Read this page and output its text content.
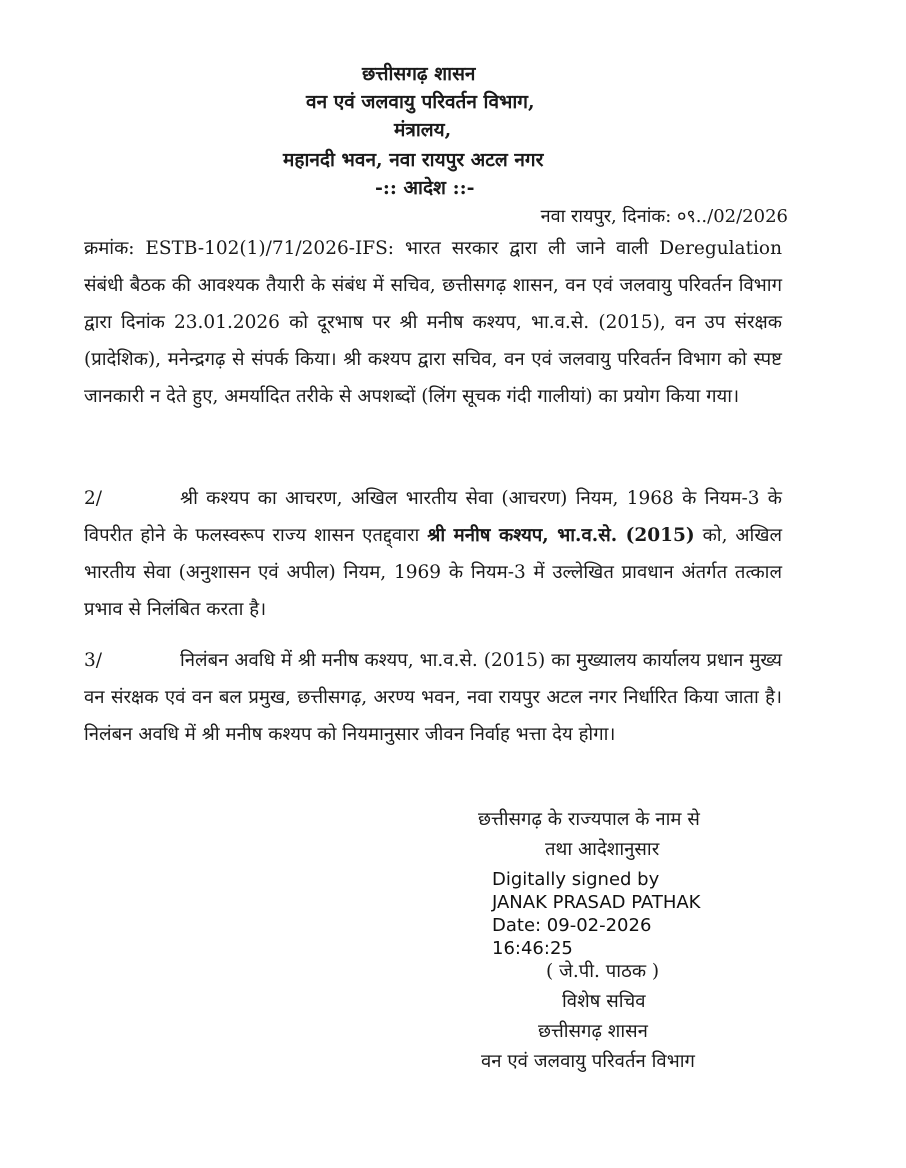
छत्तीसगढ़ शासन
वन एवं जलवायु परिवर्तन विभाग,
मंत्रालय,
महानदी भवन, नवा रायपुर अटल नगर
-:: आदेश ::-
नवा रायपुर, दिनांक: ०९../02/2026
क्रमांक: ESTB-102(1)/71/2026-IFS: भारत सरकार द्वारा ली जाने वाली Deregulation संबंधी बैठक की आवश्यक तैयारी के संबंध में सचिव, छत्तीसगढ़ शासन, वन एवं जलवायु परिवर्तन विभाग द्वारा दिनांक 23.01.2026 को दूरभाष पर श्री मनीष कश्यप, भा.व.से. (2015), वन उप संरक्षक (प्रादेशिक), मनेन्द्रगढ़ से संपर्क किया। श्री कश्यप द्वारा सचिव, वन एवं जलवायु परिवर्तन विभाग को स्पष्ट जानकारी न देते हुए, अमर्यादित तरीके से अपशब्दों (लिंग सूचक गंदी गालीयां) का प्रयोग किया गया।
2/	श्री कश्यप का आचरण, अखिल भारतीय सेवा (आचरण) नियम, 1968 के नियम-3 के विपरीत होने के फलस्वरूप राज्य शासन एतद्द्वारा श्री मनीष कश्यप, भा.व.से. (2015) को, अखिल भारतीय सेवा (अनुशासन एवं अपील) नियम, 1969 के नियम-3 में उल्लेखित प्रावधान अंतर्गत तत्काल प्रभाव से निलंबित करता है।
3/	निलंबन अवधि में श्री मनीष कश्यप, भा.व.से. (2015) का मुख्यालय कार्यालय प्रधान मुख्य वन संरक्षक एवं वन बल प्रमुख, छत्तीसगढ़, अरण्य भवन, नवा रायपुर अटल नगर निर्धारित किया जाता है। निलंबन अवधि में श्री मनीष कश्यप को नियमानुसार जीवन निर्वाह भत्ता देय होगा।
छत्तीसगढ़ के राज्यपाल के नाम से
तथा आदेशानुसार
Digitally signed by
JANAK PRASAD PATHAK
Date: 09-02-2026
16:46:25
( जे.पी. पाठक )
विशेष सचिव
छत्तीसगढ़ शासन
वन एवं जलवायु परिवर्तन विभाग
